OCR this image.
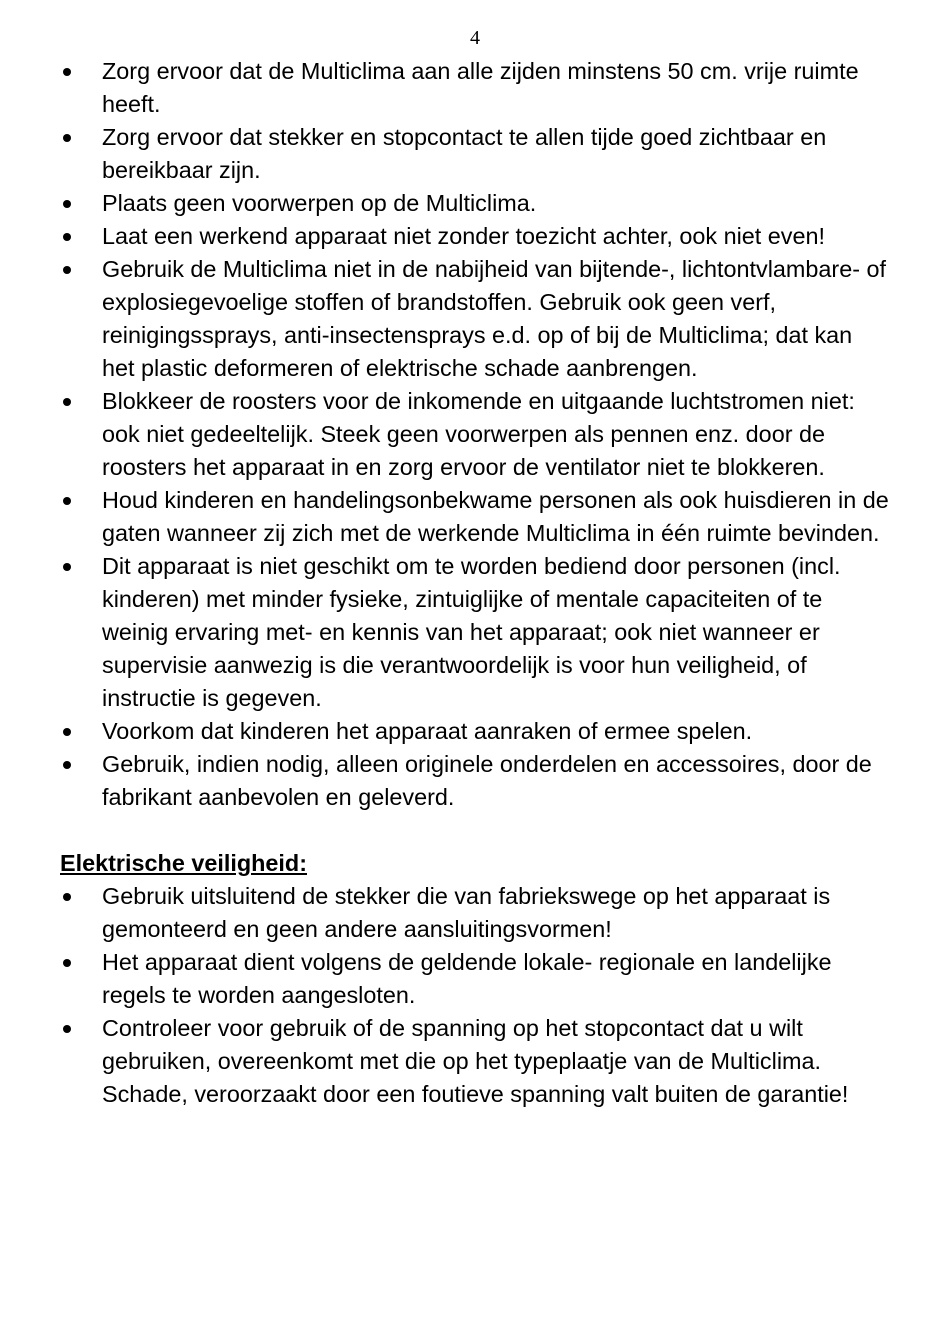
4
Zorg ervoor dat de Multiclima aan alle zijden minstens 50 cm. vrije ruimte heeft.
Zorg ervoor dat stekker en stopcontact te allen tijde goed zichtbaar en bereikbaar zijn.
Plaats geen voorwerpen op de Multiclima.
Laat een werkend apparaat niet zonder toezicht achter, ook niet even!
Gebruik de Multiclima niet in de nabijheid van bijtende-, lichtontvlambare- of explosiegevoelige stoffen of brandstoffen. Gebruik ook geen verf, reinigingssprays, anti-insectensprays e.d. op of bij de Multiclima; dat kan het plastic deformeren of elektrische schade aanbrengen.
Blokkeer de roosters voor de inkomende en uitgaande luchtstromen niet: ook niet gedeeltelijk. Steek geen voorwerpen als pennen enz. door de roosters het apparaat in en zorg ervoor de ventilator niet te blokkeren.
Houd kinderen en handelingsonbekwame personen als ook huisdieren in de gaten wanneer zij zich met de werkende Multiclima in één ruimte bevinden.
Dit apparaat is niet geschikt om te worden bediend door personen (incl. kinderen) met minder fysieke, zintuiglijke of mentale capaciteiten of te weinig ervaring met- en kennis van het apparaat; ook niet wanneer er supervisie aanwezig is die verantwoordelijk is voor hun veiligheid, of instructie is gegeven.
Voorkom dat kinderen het apparaat aanraken of ermee spelen.
Gebruik, indien nodig, alleen originele onderdelen en accessoires, door de fabrikant aanbevolen en geleverd.
Elektrische veiligheid:
Gebruik uitsluitend de stekker die van fabriekswege op het apparaat is gemonteerd en geen andere aansluitingsvormen!
Het apparaat dient volgens de geldende lokale- regionale en landelijke regels te worden aangesloten.
Controleer voor gebruik of de spanning op het stopcontact dat u wilt gebruiken, overeenkomt met die op het typeplaatje van de Multiclima. Schade, veroorzaakt door een foutieve spanning valt buiten de garantie!
